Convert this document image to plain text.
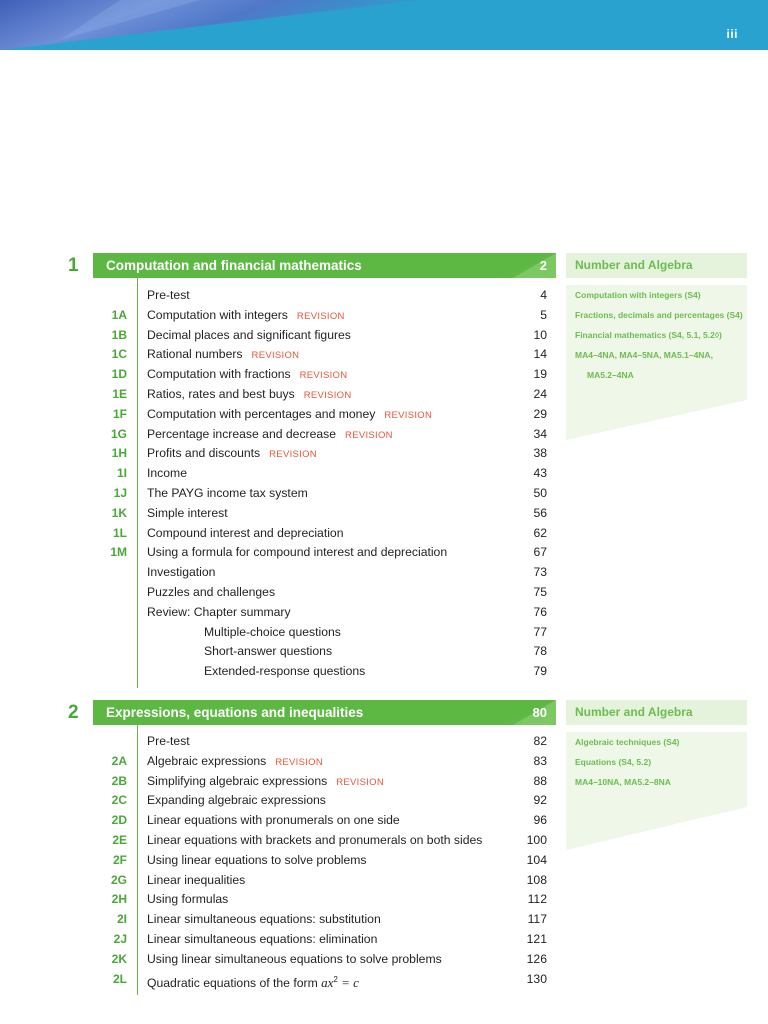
iii
1	Computation and financial mathematics	2	Number and Algebra
Computation with integers (S4)
Fractions, decimals and percentages (S4)
Financial mathematics (S4, 5.1, 5.2◊)
MA4–4NA, MA4–5NA, MA5.1–4NA,
MA5.2–4NA
Pre-test	4
1A Computation with integers REVISION	5
1B Decimal places and significant figures	10
1C Rational numbers REVISION	14
1D Computation with fractions REVISION	19
1E Ratios, rates and best buys REVISION	24
1F Computation with percentages and money REVISION	29
1G Percentage increase and decrease REVISION	34
1H Profits and discounts REVISION	38
1I Income	43
1J The PAYG income tax system	50
1K Simple interest	56
1L Compound interest and depreciation	62
1M Using a formula for compound interest and depreciation	67
Investigation	73
Puzzles and challenges	75
Review: Chapter summary	76
Multiple-choice questions	77
Short-answer questions	78
Extended-response questions	79
2	Expressions, equations and inequalities	80	Number and Algebra
Algebraic techniques (S4)
Equations (S4, 5.2)
MA4–10NA, MA5.2–8NA
Pre-test	82
2A Algebraic expressions REVISION	83
2B Simplifying algebraic expressions REVISION	88
2C Expanding algebraic expressions	92
2D Linear equations with pronumerals on one side	96
2E Linear equations with brackets and pronumerals on both sides	100
2F Using linear equations to solve problems	104
2G Linear inequalities	108
2H Using formulas	112
2I Linear simultaneous equations: substitution	117
2J Linear simultaneous equations: elimination	121
2K Using linear simultaneous equations to solve problems	126
2L Quadratic equations of the form $ax^2 = c$	130
